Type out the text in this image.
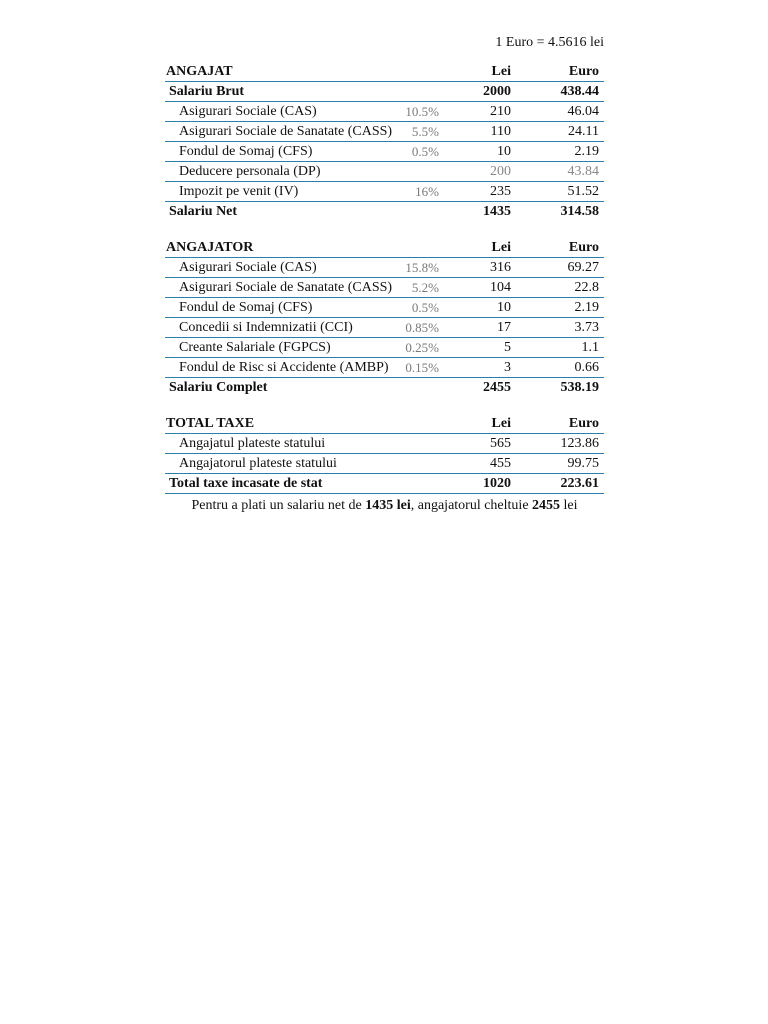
1 Euro = 4.5616 lei
ANGAJAT		Lei	Euro
Salariu Brut		2000	438.44
Asigurari Sociale (CAS)	10.5%	210	46.04
Asigurari Sociale de Sanatate (CASS)	5.5%	110	24.11
Fondul de Somaj (CFS)	0.5%	10	2.19
Deducere personala (DP)		200	43.84
Impozit pe venit (IV)	16%	235	51.52
Salariu Net		1435	314.58
ANGAJATOR		Lei	Euro
Asigurari Sociale (CAS)	15.8%	316	69.27
Asigurari Sociale de Sanatate (CASS)	5.2%	104	22.8
Fondul de Somaj (CFS)	0.5%	10	2.19
Concedii si Indemnizatii (CCI)	0.85%	17	3.73
Creante Salariale (FGPCS)	0.25%	5	1.1
Fondul de Risc si Accidente (AMBP)	0.15%	3	0.66
Salariu Complet		2455	538.19
TOTAL TAXE		Lei	Euro
Angajatul plateste statului		565	123.86
Angajatorul plateste statului		455	99.75
Total taxe incasate de stat		1020	223.61
Pentru a plati un salariu net de 1435 lei, angajatorul cheltuie 2455 lei
